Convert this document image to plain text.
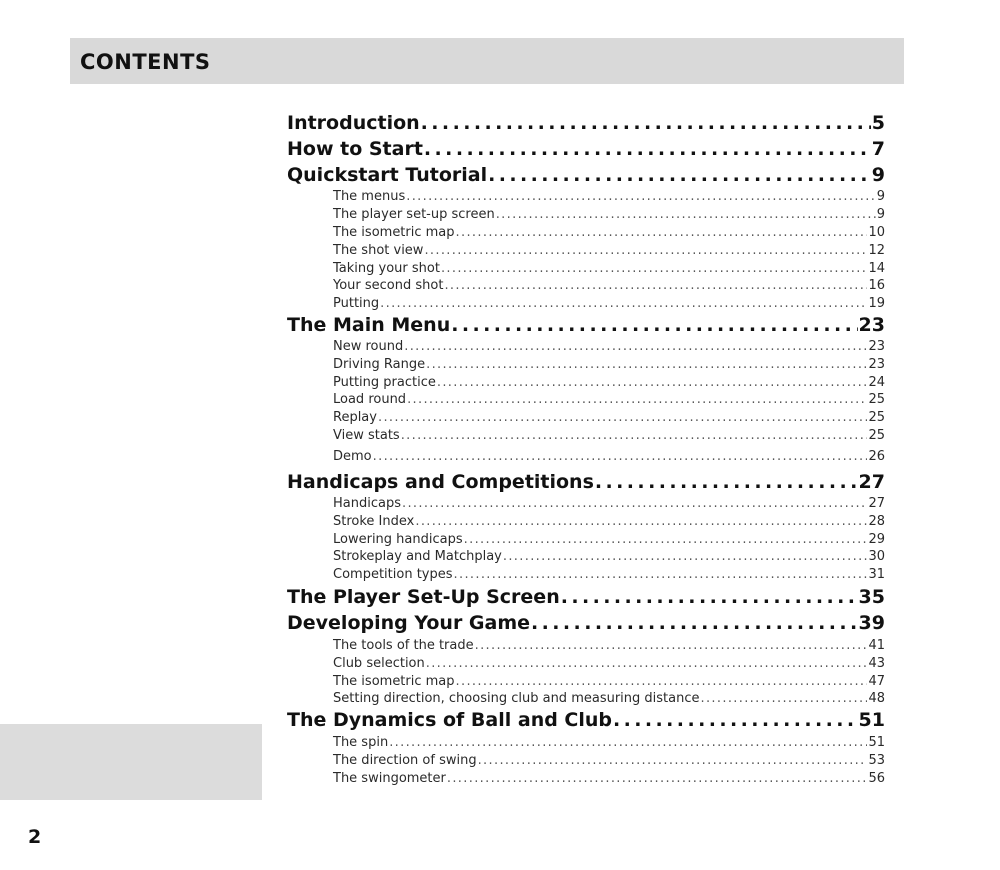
CONTENTS
Introduction . . .	5
How to Start . . .	7
Quickstart Tutorial . . .	9
The menus . . .	9
The player set-up screen . . .	9
The isometric map . . .	10
The shot view . . .	12
Taking your shot . . .	14
Your second shot . . .	16
Putting . . .	19
The Main Menu . . .	23
New round . . .	23
Driving Range . . .	23
Putting practice . . .	24
Load round . . .	25
Replay . . .	25
View stats . . .	25
Demo . . .	26
Handicaps and Competitions . . .	27
Handicaps . . .	27
Stroke Index . . .	28
Lowering handicaps . . .	29
Strokeplay and Matchplay . . .	30
Competition types . . .	31
The Player Set-Up Screen . . .	35
Developing Your Game . . .	39
The tools of the trade . . .	41
Club selection . . .	43
The isometric map . . .	47
Setting direction, choosing club and measuring distance . . .	48
The Dynamics of Ball and Club . . .	51
The spin . . .	51
The direction of swing . . .	53
The swingometer . . .	56
2
